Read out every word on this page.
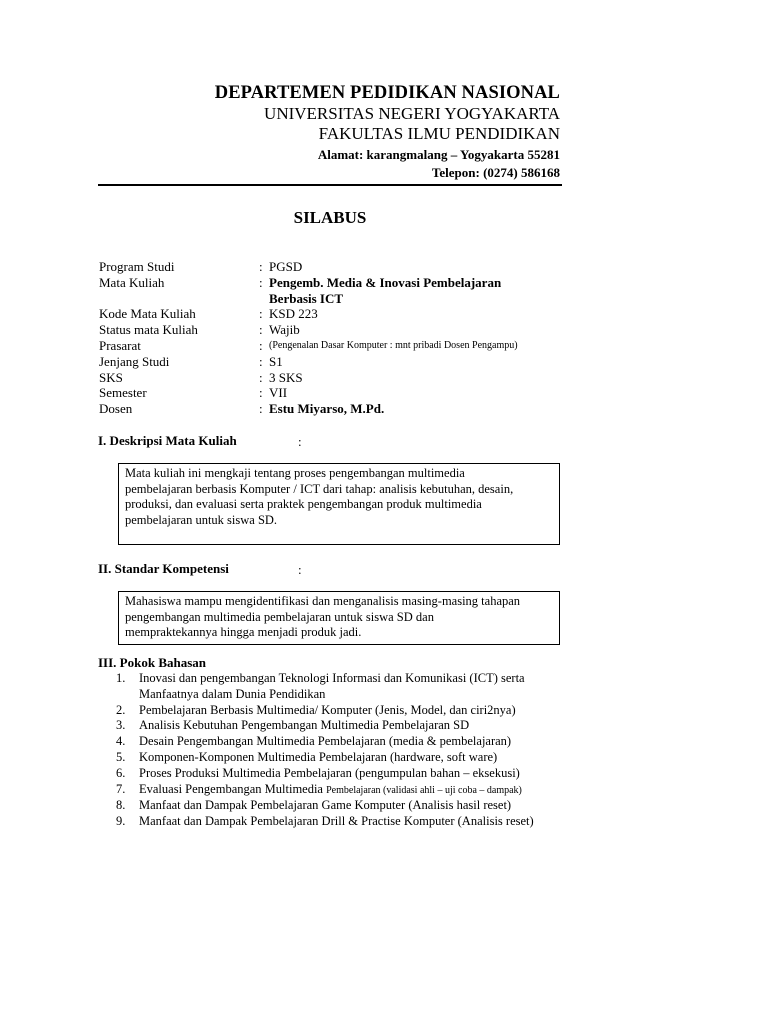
DEPARTEMEN PEDIDIKAN NASIONAL
UNIVERSITAS NEGERI YOGYAKARTA
FAKULTAS ILMU PENDIDIKAN
Alamat: karangmalang – Yogyakarta 55281
Telepon: (0274) 586168
SILABUS
Program Studi	: PGSD
Mata Kuliah	: Pengemb. Media & Inovasi Pembelajaran
Berbasis ICT
Kode Mata Kuliah	: KSD 223
Status mata Kuliah	: Wajib
Prasarat	: (Pengenalan Dasar Komputer : mnt pribadi Dosen Pengampu)
Jenjang Studi	: S1
SKS	: 3 SKS
Semester	: VII
Dosen	: Estu Miyarso, M.Pd.
I. Deskripsi Mata Kuliah	:
Mata kuliah ini mengkaji tentang proses pengembangan multimedia
pembelajaran berbasis Komputer / ICT dari tahap: analisis kebutuhan, desain,
produksi, dan evaluasi serta praktek pengembangan produk multimedia
pembelajaran untuk siswa SD.
II. Standar Kompetensi	:
Mahasiswa mampu mengidentifikasi dan menganalisis masing-masing tahapan
pengembangan multimedia pembelajaran untuk siswa SD dan
mempraktekannya hingga menjadi produk jadi.
III. Pokok Bahasan
1.	Inovasi dan pengembangan Teknologi Informasi dan Komunikasi (ICT) serta
Manfaatnya dalam Dunia Pendidikan
2.	Pembelajaran Berbasis Multimedia/ Komputer (Jenis, Model, dan ciri2nya)
3.	Analisis Kebutuhan Pengembangan Multimedia Pembelajaran SD
4.	Desain Pengembangan Multimedia Pembelajaran (media & pembelajaran)
5.	Komponen-Komponen Multimedia Pembelajaran (hardware, soft ware)
6.	Proses Produksi Multimedia Pembelajaran (pengumpulan bahan – eksekusi)
7.	Evaluasi Pengembangan Multimedia Pembelajaran (validasi ahli – uji coba – dampak)
8.	Manfaat dan Dampak Pembelajaran Game Komputer (Analisis hasil reset)
9.	Manfaat dan Dampak Pembelajaran Drill & Practise Komputer (Analisis reset)
